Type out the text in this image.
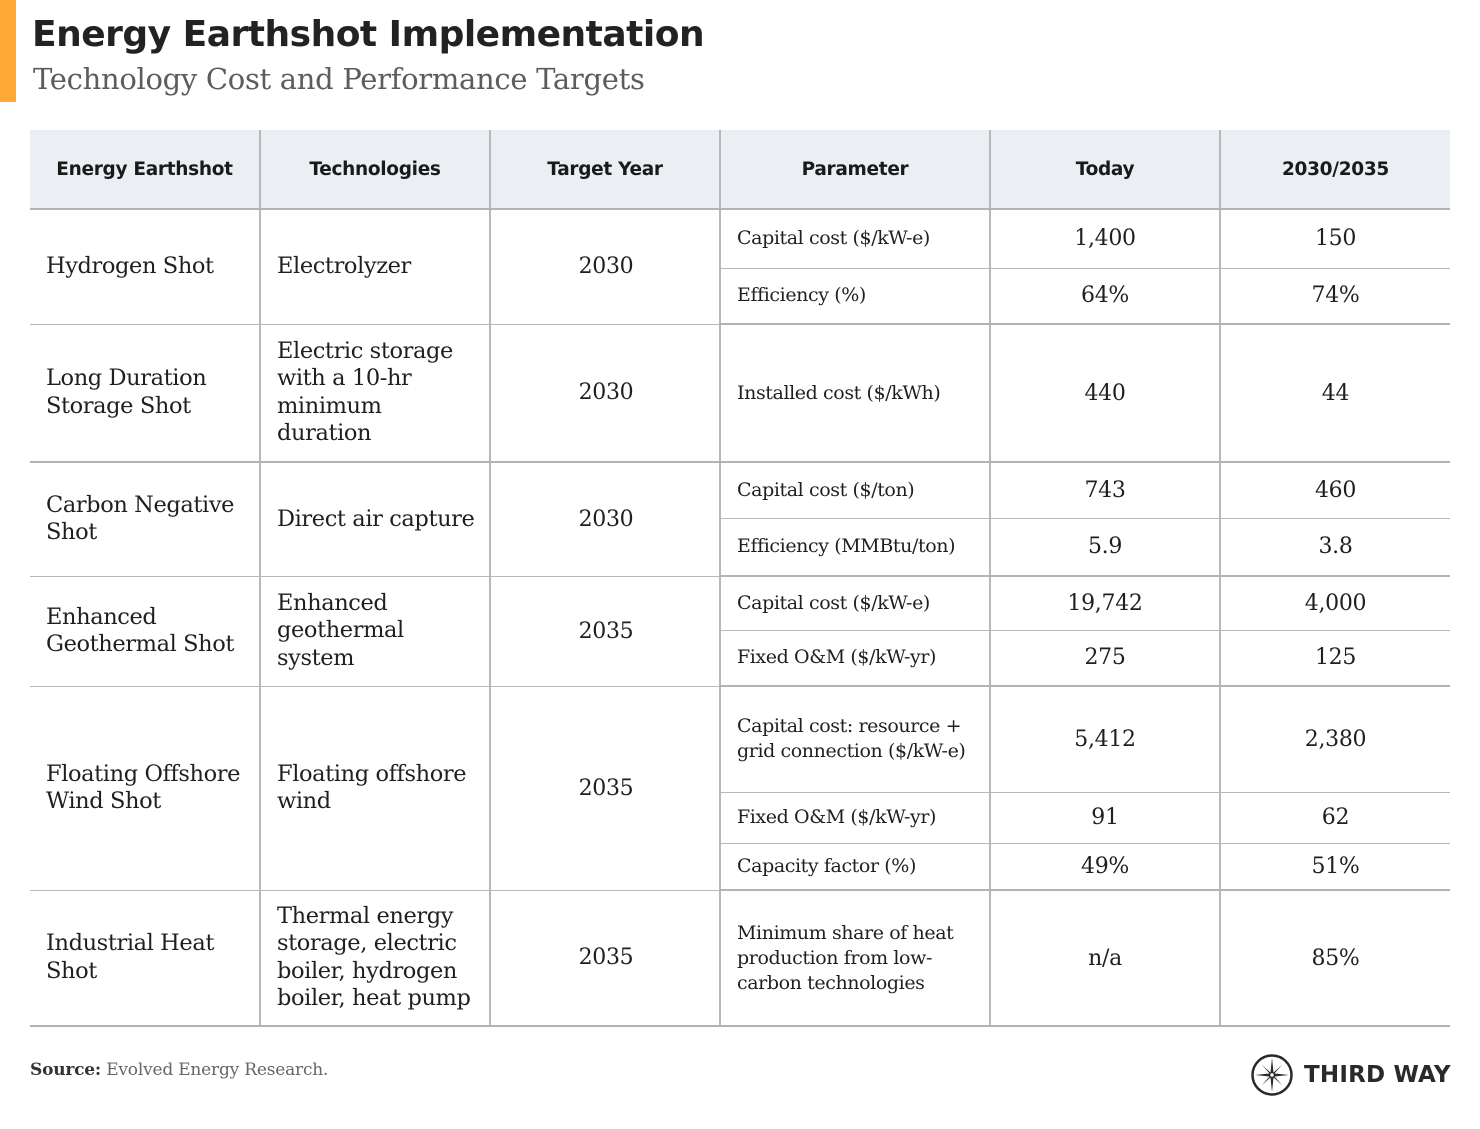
Energy Earthshot Implementation
Technology Cost and Performance Targets
Energy Earthshot	Technologies	Target Year	Parameter	Today	2030/2035
Hydrogen Shot	Electrolyzer	2030	Capital cost ($/kW-e)	1,400	150
			Efficiency (%)	64%	74%
Long Duration Storage Shot	Electric storage with a 10-hr minimum duration	2030	Installed cost ($/kWh)	440	44
Carbon Negative Shot	Direct air capture	2030	Capital cost ($/ton)	743	460
			Efficiency (MMBtu/ton)	5.9	3.8
Enhanced Geothermal Shot	Enhanced geothermal system	2035	Capital cost ($/kW-e)	19,742	4,000
			Fixed O&M ($/kW-yr)	275	125
Floating Offshore Wind Shot	Floating offshore wind	2035	Capital cost: resource + grid connection ($/kW-e)	5,412	2,380
			Fixed O&M ($/kW-yr)	91	62
			Capacity factor (%)	49%	51%
Industrial Heat Shot	Thermal energy storage, electric boiler, hydrogen boiler, heat pump	2035	Minimum share of heat production from low-carbon technologies	n/a	85%
Source: Evolved Energy Research.	THIRD WAY
